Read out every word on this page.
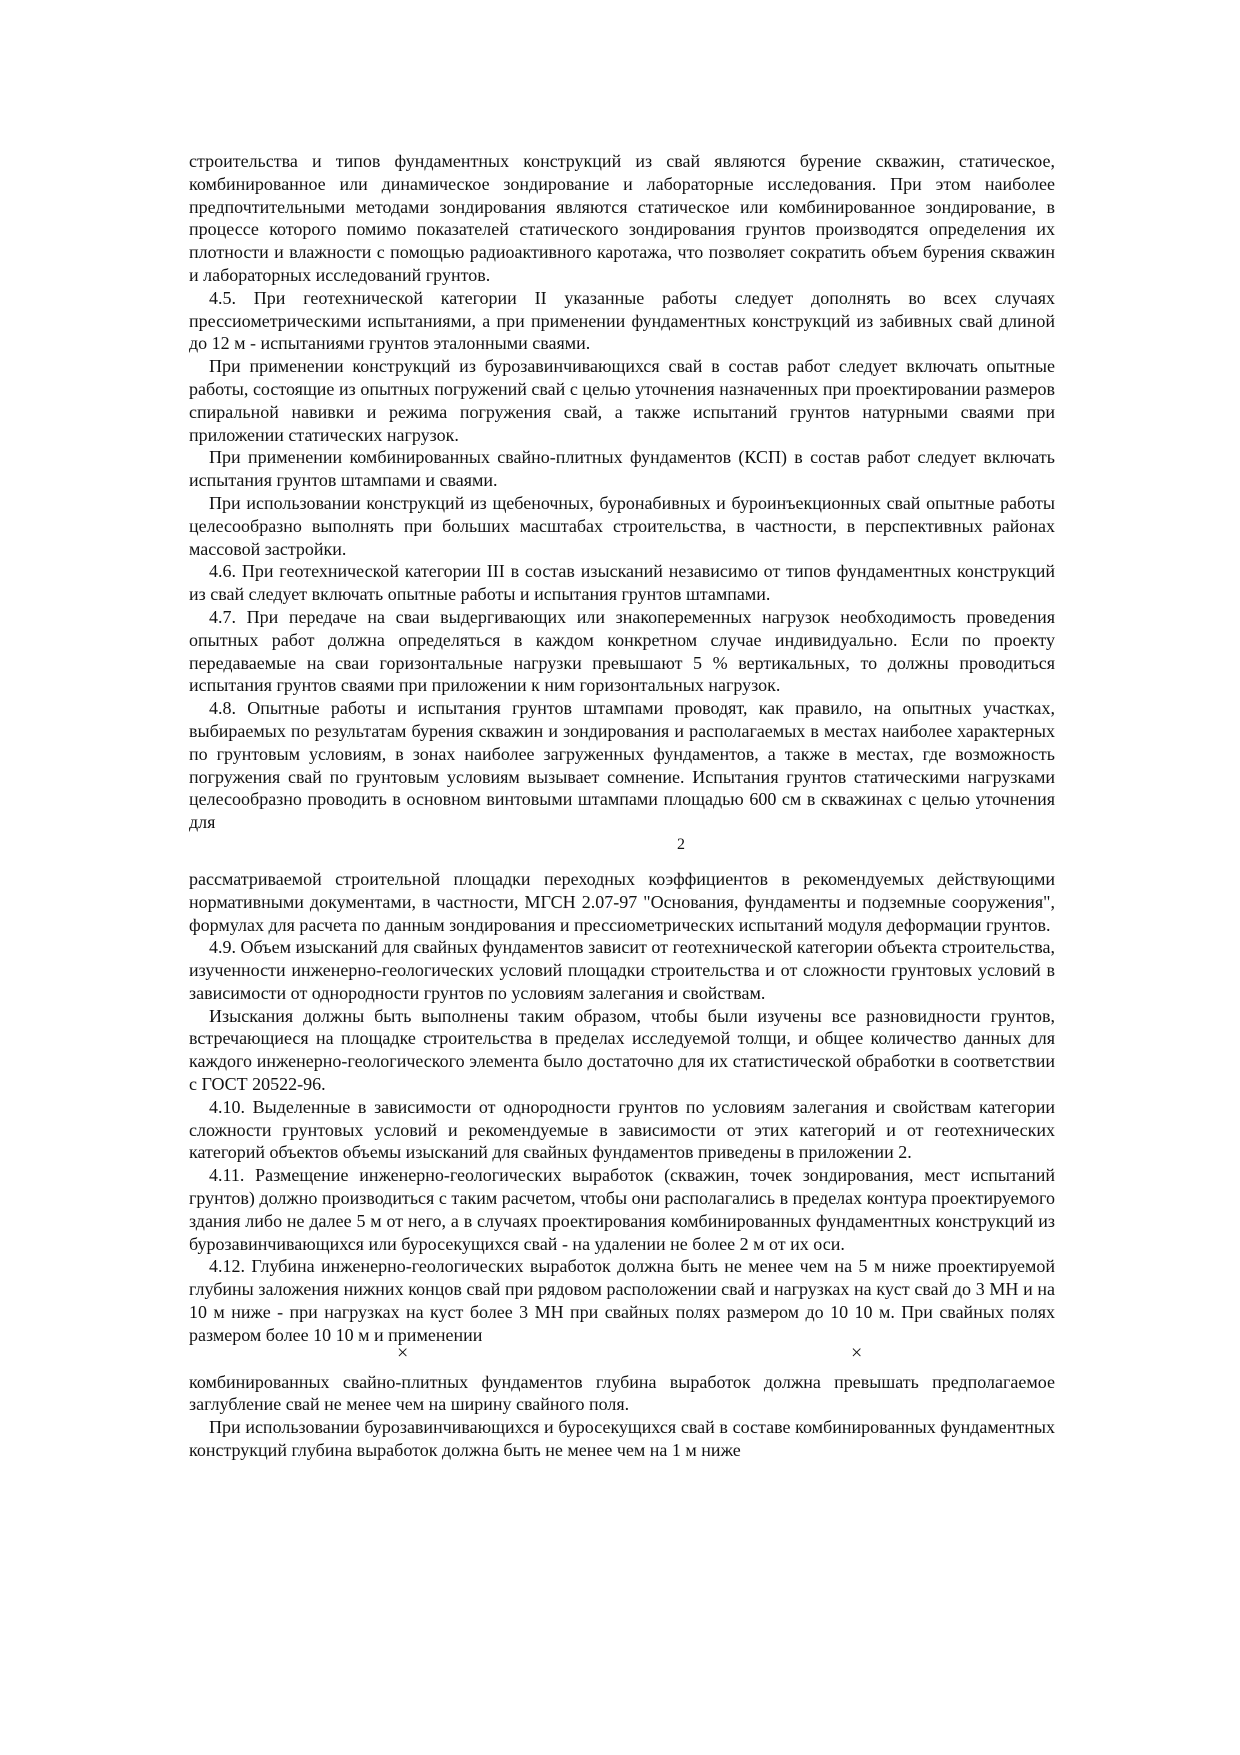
строительства и типов фундаментных конструкций из свай являются бурение скважин, статическое, комбинированное или динамическое зондирование и лабораторные исследования. При этом наиболее предпочтительными методами зондирования являются статическое или комбинированное зондирование, в процессе которого помимо показателей статического зондирования грунтов производятся определения их плотности и влажности с помощью радиоактивного каротажа, что позволяет сократить объем бурения скважин и лабораторных исследований грунтов.

4.5. При геотехнической категории II указанные работы следует дополнять во всех случаях прессиометрическими испытаниями, а при применении фундаментных конструкций из забивных свай длиной до 12 м - испытаниями грунтов эталонными сваями.

При применении конструкций из бурозавинчивающихся свай в состав работ следует включать опытные работы, состоящие из опытных погружений свай с целью уточнения назначенных при проектировании размеров спиральной навивки и режима погружения свай, а также испытаний грунтов натурными сваями при приложении статических нагрузок.

При применении комбинированных свайно-плитных фундаментов (КСП) в состав работ следует включать испытания грунтов штампами и сваями.

При использовании конструкций из щебеночных, буронабивных и буроинъекционных свай опытные работы целесообразно выполнять при больших масштабах строительства, в частности, в перспективных районах массовой застройки.

4.6. При геотехнической категории III в состав изысканий независимо от типов фундаментных конструкций из свай следует включать опытные работы и испытания грунтов штампами.

4.7. При передаче на сваи выдергивающих или знакопеременных нагрузок необходимость проведения опытных работ должна определяться в каждом конкретном случае индивидуально. Если по проекту передаваемые на сваи горизонтальные нагрузки превышают 5 % вертикальных, то должны проводиться испытания грунтов сваями при приложении к ним горизонтальных нагрузок.

4.8. Опытные работы и испытания грунтов штампами проводят, как правило, на опытных участках, выбираемых по результатам бурения скважин и зондирования и располагаемых в местах наиболее характерных по грунтовым условиям, в зонах наиболее загруженных фундаментов, а также в местах, где возможность погружения свай по грунтовым условиям вызывает сомнение. Испытания грунтов статическими нагрузками целесообразно проводить в основном винтовыми штампами площадью 600 см в скважинах с целью уточнения для

2

рассматриваемой строительной площадки переходных коэффициентов в рекомендуемых действующими нормативными документами, в частности, МГСН 2.07-97 "Основания, фундаменты и подземные сооружения", формулах для расчета по данным зондирования и прессиометрических испытаний модуля деформации грунтов.

4.9. Объем изысканий для свайных фундаментов зависит от геотехнической категории объекта строительства, изученности инженерно-геологических условий площадки строительства и от сложности грунтовых условий в зависимости от однородности грунтов по условиям залегания и свойствам.

Изыскания должны быть выполнены таким образом, чтобы были изучены все разновидности грунтов, встречающиеся на площадке строительства в пределах исследуемой толщи, и общее количество данных для каждого инженерно-геологического элемента было достаточно для их статистической обработки в соответствии с ГОСТ 20522-96.

4.10. Выделенные в зависимости от однородности грунтов по условиям залегания и свойствам категории сложности грунтовых условий и рекомендуемые в зависимости от этих категорий и от геотехнических категорий объектов объемы изысканий для свайных фундаментов приведены в приложении 2.

4.11. Размещение инженерно-геологических выработок (скважин, точек зондирования, мест испытаний грунтов) должно производиться с таким расчетом, чтобы они располагались в пределах контура проектируемого здания либо не далее 5 м от него, а в случаях проектирования комбинированных фундаментных конструкций из бурозавинчивающихся или буросекущихся свай - на удалении не более 2 м от их оси.

4.12. Глубина инженерно-геологических выработок должна быть не менее чем на 5 м ниже проектируемой глубины заложения нижних концов свай при рядовом расположении свай и нагрузках на куст свай до 3 МН и на 10 м ниже - при нагрузках на куст более 3 МН при свайных полях размером до 10 10 м. При свайных полях размером более 10 10 м и применении

×	×

комбинированных свайно-плитных фундаментов глубина выработок должна превышать предполагаемое заглубление свай не менее чем на ширину свайного поля.

При использовании бурозавинчивающихся и буросекущихся свай в составе комбинированных фундаментных конструкций глубина выработок должна быть не менее чем на 1 м ниже
